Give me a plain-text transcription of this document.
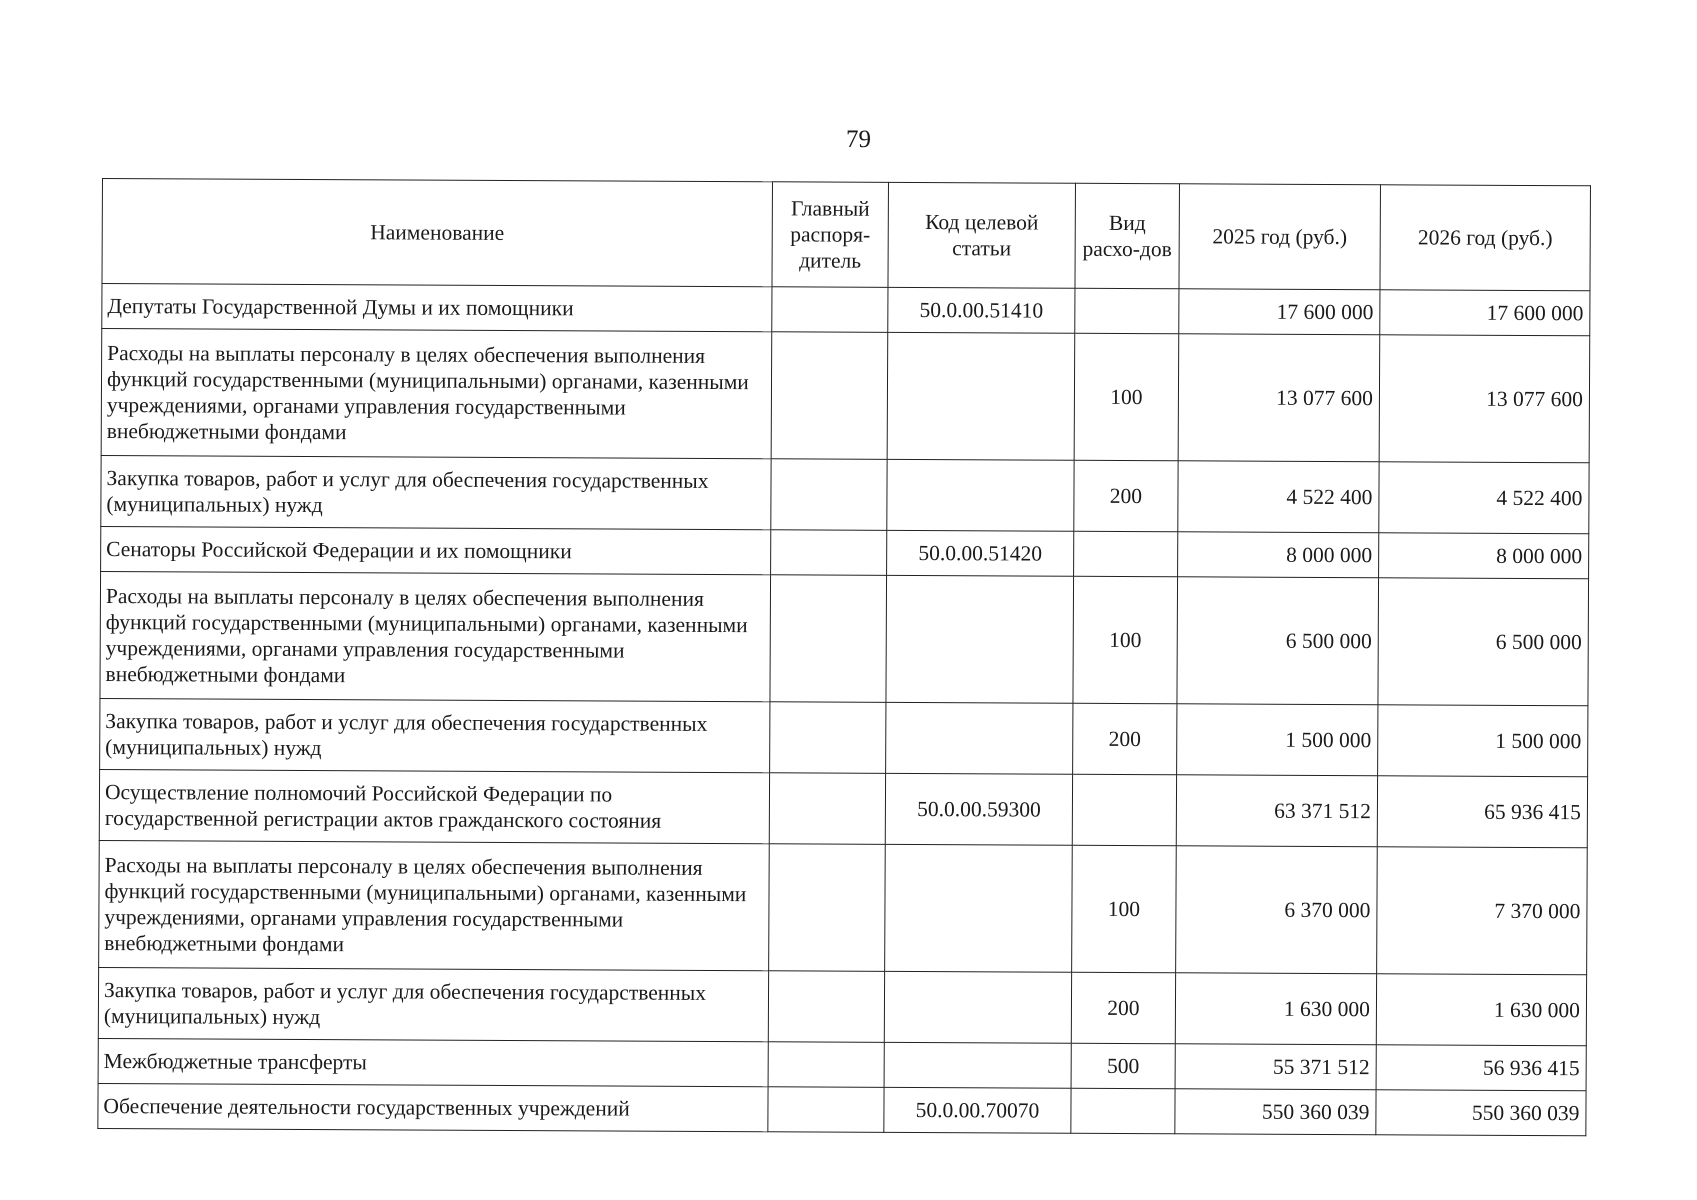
79
Наименование	Главный распоря-дитель	Код целевой статьи	Вид расхо-дов	2025 год (руб.)	2026 год (руб.)
Депутаты Государственной Думы и их помощники		50.0.00.51410		17 600 000	17 600 000
Расходы на выплаты персоналу в целях обеспечения выполнения функций государственными (муниципальными) органами, казенными учреждениями, органами управления государственными внебюджетными фондами			100	13 077 600	13 077 600
Закупка товаров, работ и услуг для обеспечения государственных (муниципальных) нужд			200	4 522 400	4 522 400
Сенаторы Российской Федерации и их помощники		50.0.00.51420		8 000 000	8 000 000
Расходы на выплаты персоналу в целях обеспечения выполнения функций государственными (муниципальными) органами, казенными учреждениями, органами управления государственными внебюджетными фондами			100	6 500 000	6 500 000
Закупка товаров, работ и услуг для обеспечения государственных (муниципальных) нужд			200	1 500 000	1 500 000
Осуществление полномочий Российской Федерации по государственной регистрации актов гражданского состояния		50.0.00.59300		63 371 512	65 936 415
Расходы на выплаты персоналу в целях обеспечения выполнения функций государственными (муниципальными) органами, казенными учреждениями, органами управления государственными внебюджетными фондами			100	6 370 000	7 370 000
Закупка товаров, работ и услуг для обеспечения государственных (муниципальных) нужд			200	1 630 000	1 630 000
Межбюджетные трансферты			500	55 371 512	56 936 415
Обеспечение деятельности государственных учреждений		50.0.00.70070		550 360 039	550 360 039
